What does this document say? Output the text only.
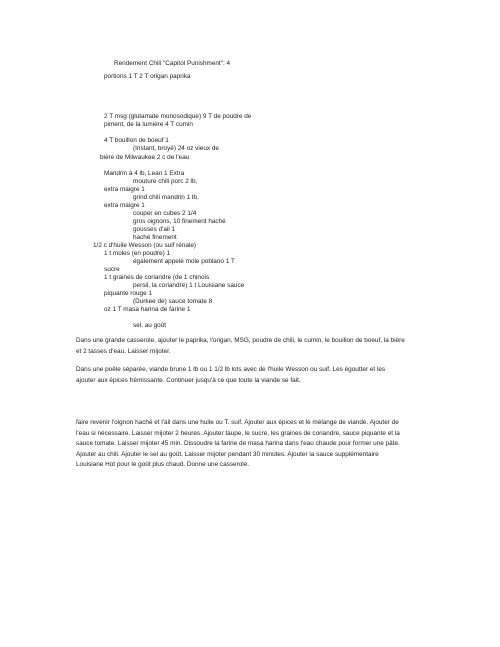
Rendement Chili "Capitol Punishment": 4
portions 1 T 2 T origan paprika
2 T msg (glutamate monosodique) 9 T de poudre de
piment, de la lumière 4 T cumin
4 T bouillon de boeuf 1
(Instant, broyé) 24 oz vieux de
bière de Milwaukee 2 c de l'eau
Mandrin à 4 lb, Lean 1 Extra
mouture chili porc 2 lb,
extra maigre 1
grind chili mandrin 1 lb,
extra maigre 1
couper en cubes 2 1/4
gros oignons, 10 finement haché
gousses d'ail 1
haché finement
1/2 c d'huile Wesson (ou suif rénale)
1 t moles (en poudre) 1
également appelé mole poblano 1 T
sucre
1 t graines de coriandre (de 1 chinois
persil, la coriandre) 1 t Louisiane sauce
piquante rouge 1
(Durkee de) sauce tomate 8
oz 1 T masa harina de farine 1
sel, au goût

Dans une grande casserole, ajouter le paprika, l'origan, MSG, poudre de chili, le cumin, le bouillon de boeuf, la bière et 2 tasses d'eau. Laisser mijoter.

Dans une poêle séparée, viande brune 1 lb ou 1 1/2 lb lots avec de l'huile Wesson ou suif. Les égoutter et les ajouter aux épices frémissante. Continuer jusqu'à ce que toute la viande se fait.

faire revenir l'oignon haché et l'ail dans une huile ou T. suif. Ajouter aux épices et le mélange de viande. Ajouter de l'eau si nécessaire. Laisser mijoter 2 heures. Ajouter taupe, le sucre, les graines de coriandre, sauce piquante et la sauce tomate. Laisser mijoter 45 min. Dissoudre la farine de masa harina dans l'eau chaude pour former une pâte. Ajouter au chili. Ajouter le sel au goût. Laisser mijoter pendant 30 minutes. Ajouter la sauce supplémentaire Louisiane Hot pour le goût plus chaud. Donne une casserole.
